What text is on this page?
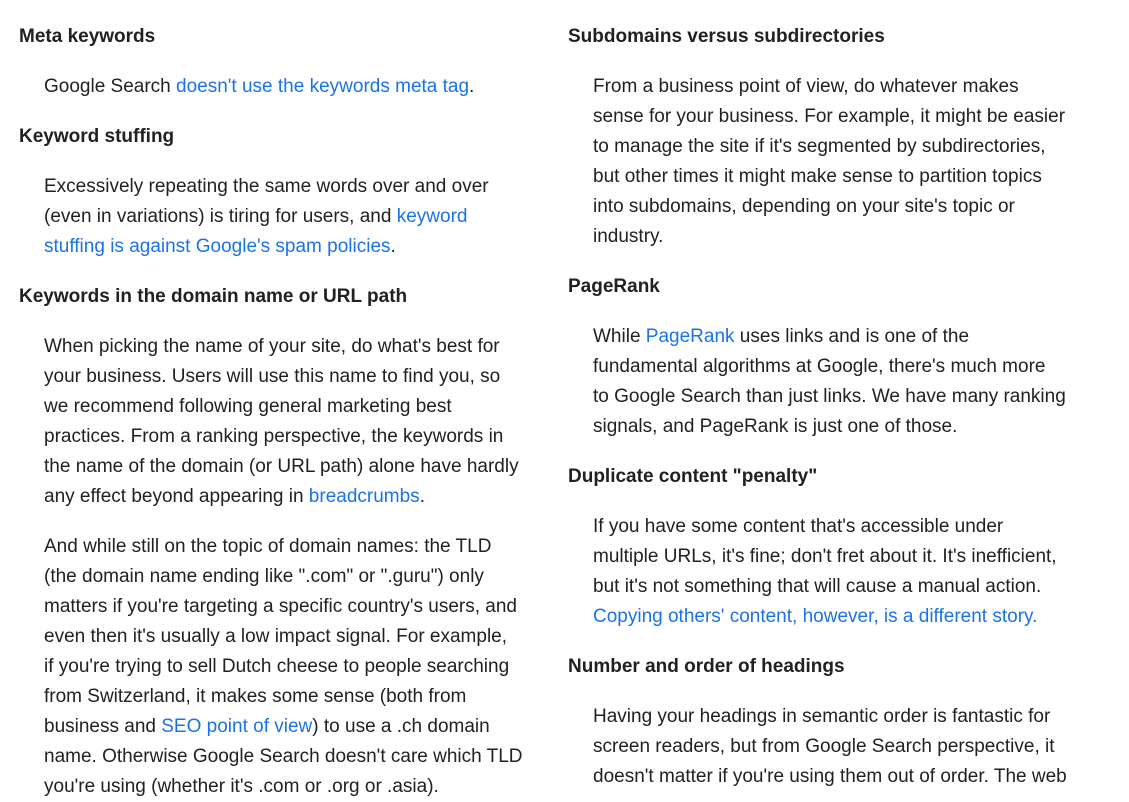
Meta keywords
Google Search doesn't use the keywords meta tag.
Keyword stuffing
Excessively repeating the same words over and over
(even in variations) is tiring for users, and keyword
stuffing is against Google's spam policies.
Keywords in the domain name or URL path
When picking the name of your site, do what's best for
your business. Users will use this name to find you, so
we recommend following general marketing best
practices. From a ranking perspective, the keywords in
the name of the domain (or URL path) alone have hardly
any effect beyond appearing in breadcrumbs.
And while still on the topic of domain names: the TLD
(the domain name ending like ".com" or ".guru") only
matters if you're targeting a specific country's users, and
even then it's usually a low impact signal. For example,
if you're trying to sell Dutch cheese to people searching
from Switzerland, it makes some sense (both from
business and SEO point of view) to use a .ch domain
name. Otherwise Google Search doesn't care which TLD
you're using (whether it's .com or .org or .asia).
Subdomains versus subdirectories
From a business point of view, do whatever makes
sense for your business. For example, it might be easier
to manage the site if it's segmented by subdirectories,
but other times it might make sense to partition topics
into subdomains, depending on your site's topic or
industry.
PageRank
While PageRank uses links and is one of the
fundamental algorithms at Google, there's much more
to Google Search than just links. We have many ranking
signals, and PageRank is just one of those.
Duplicate content "penalty"
If you have some content that's accessible under
multiple URLs, it's fine; don't fret about it. It's inefficient,
but it's not something that will cause a manual action.
Copying others' content, however, is a different story.
Number and order of headings
Having your headings in semantic order is fantastic for
screen readers, but from Google Search perspective, it
doesn't matter if you're using them out of order. The web
